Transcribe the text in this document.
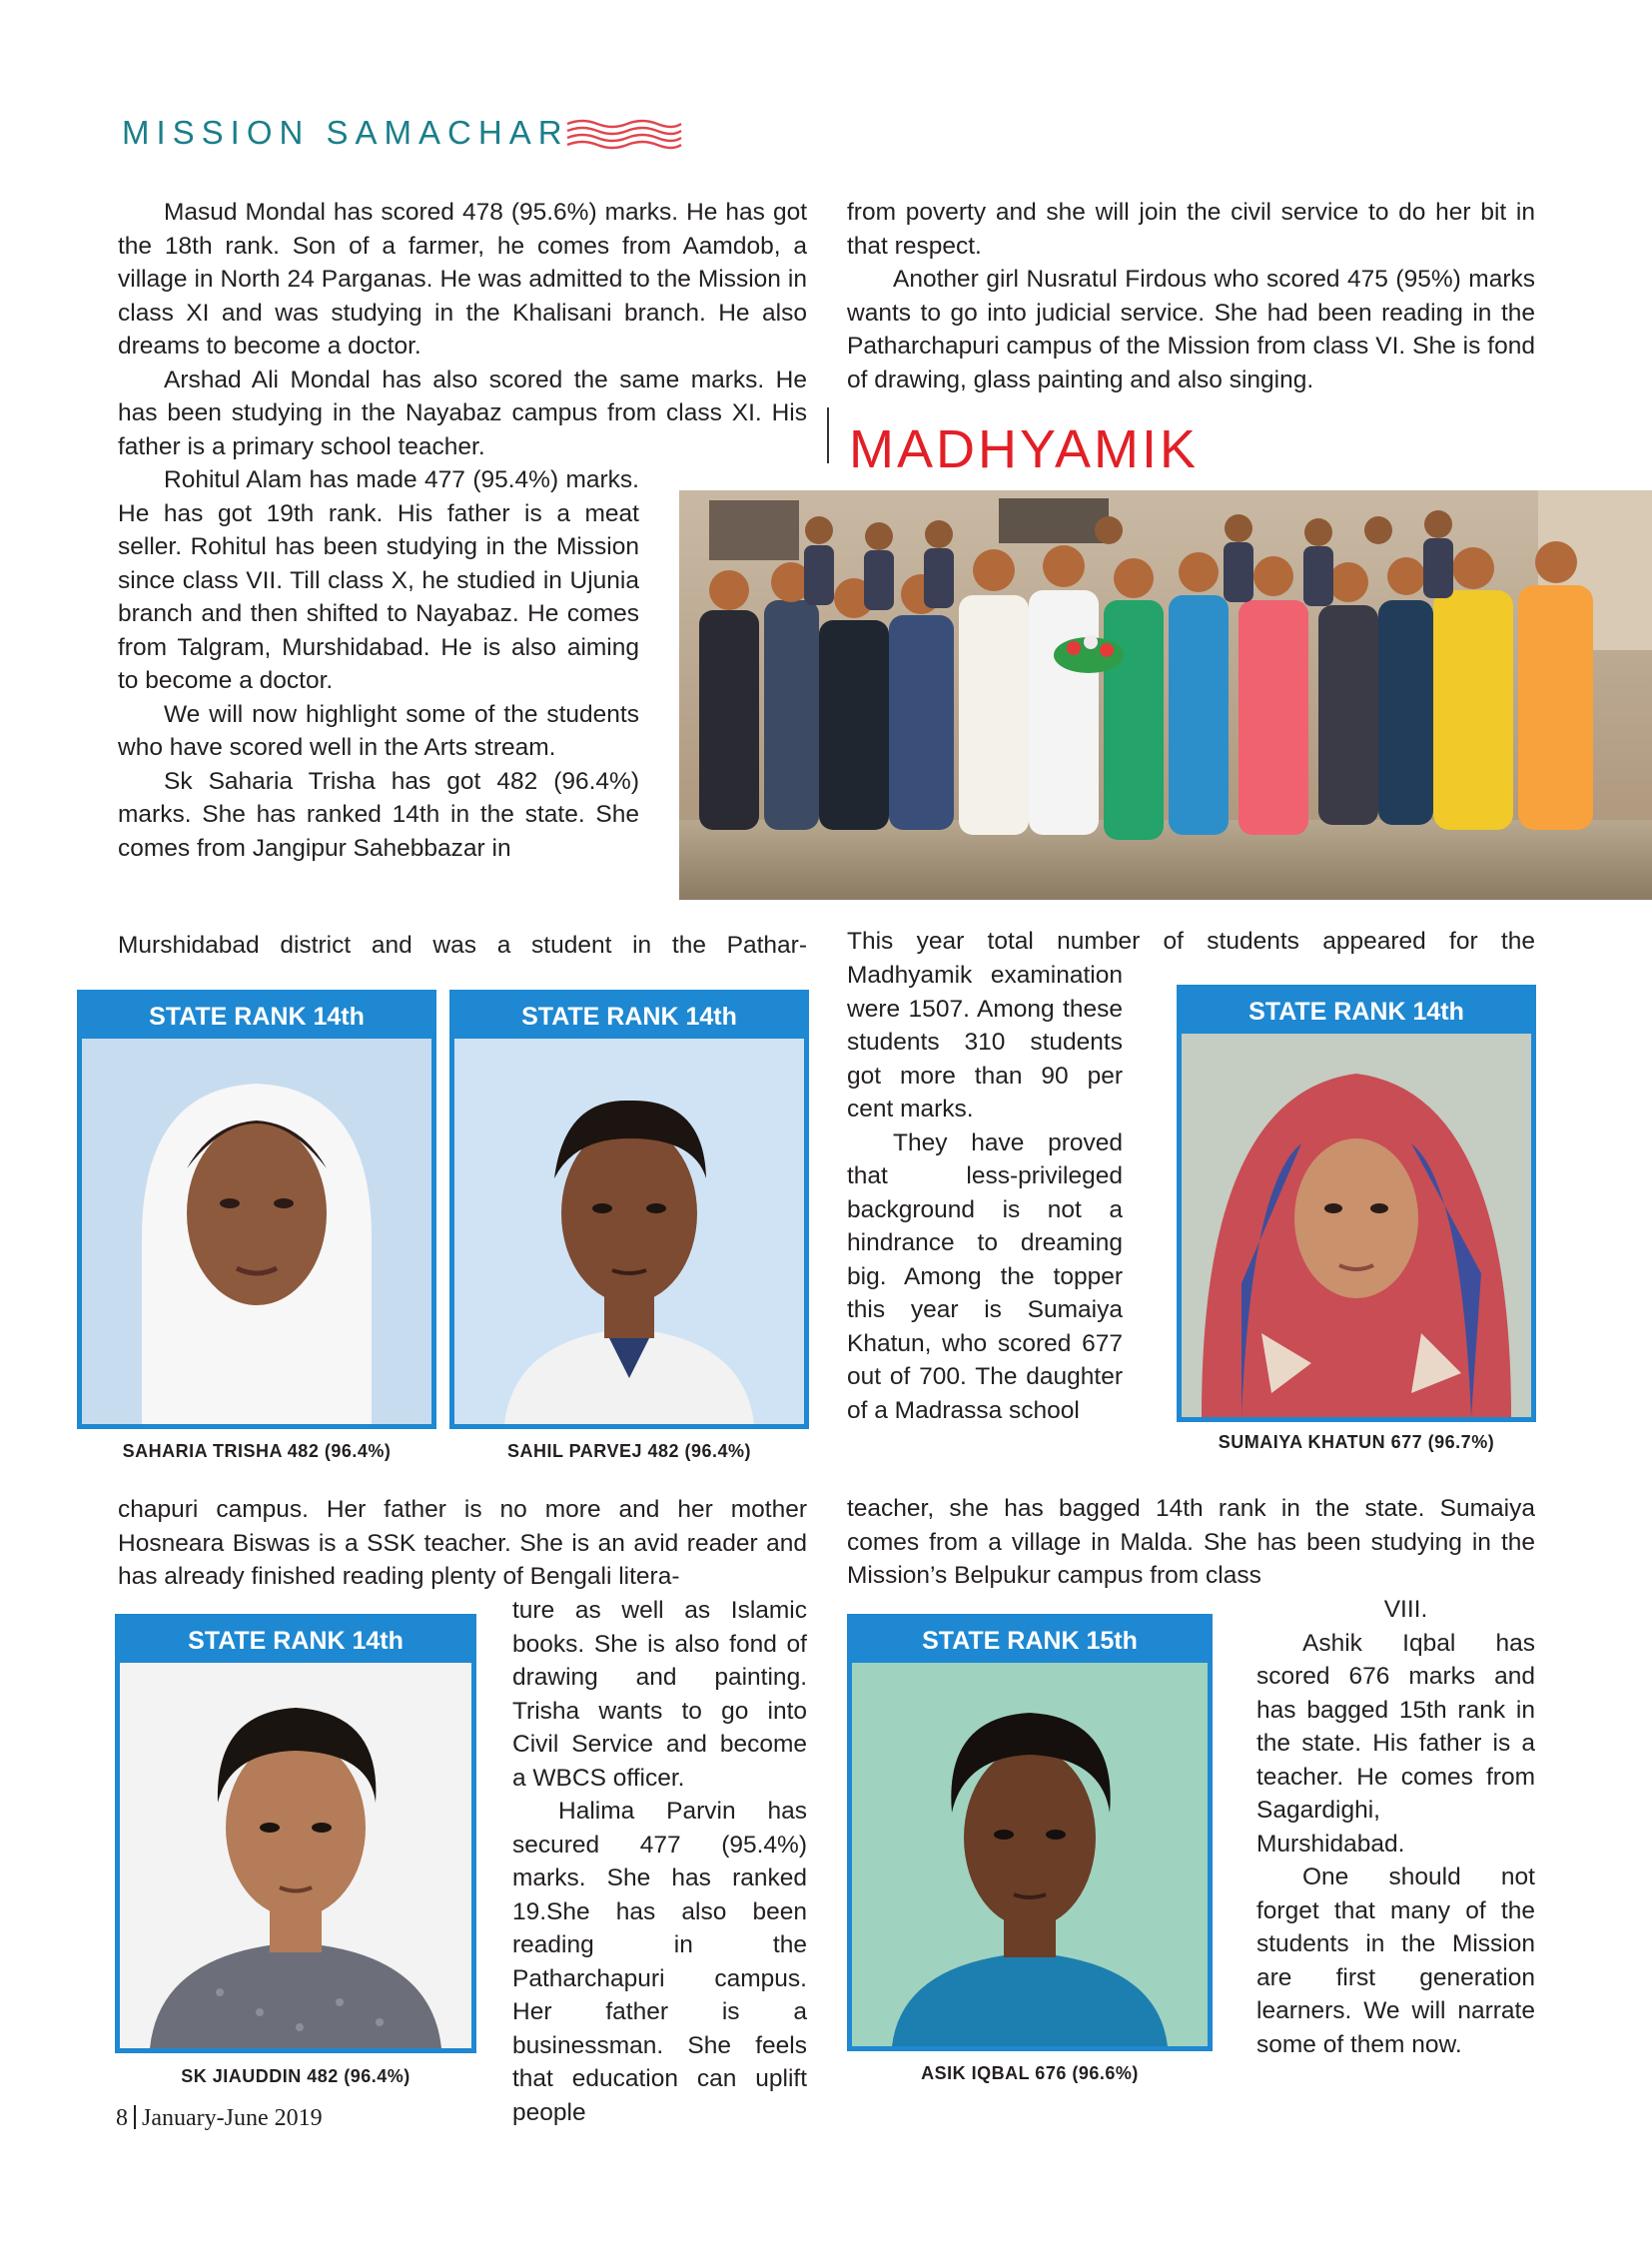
MISSION SAMACHAR

Masud Mondal has scored 478 (95.6%) marks. He has got the 18th rank. Son of a farmer, he comes from Aamdob, a village in North 24 Parganas. He was admitted to the Mission in class XI and was studying in the Khalisani branch. He also dreams to become a doctor.

Arshad Ali Mondal has also scored the same marks. He has been studying in the Nayabaz campus from class XI. His father is a primary school teacher.

Rohitul Alam has made 477 (95.4%) marks. He has got 19th rank. His father is a meat seller. Rohitul has been studying in the Mission since class VII. Till class X, he studied in Ujunia branch and then shifted to Nayabaz. He comes from Talgram, Murshidabad. He is also aiming to become a doctor.

We will now highlight some of the students who have scored well in the Arts stream.

Sk Saharia Trisha has got 482 (96.4%) marks. She has ranked 14th in the state. She comes from Jangipur Sahebbazar in

Murshidabad district and was a student in the Pathar-

from poverty and she will join the civil service to do her bit in that respect.

Another girl Nusratul Firdous who scored 475 (95%) marks wants to go into judicial service. She had been reading in the Patharchapuri campus of the Mission from class VI. She is fond of drawing, glass painting and also singing.

MADHYAMIK

This year total number of students appeared for the

Madhyamik examination were 1507. Among these students 310 students got more than 90 per cent marks.

They have proved that less-privileged background is not a hindrance to dreaming big. Among the topper this year is Sumaiya Khatun, who scored 677 out of 700. The daughter of a Madrassa school

STATE RANK 14th
SAHARIA TRISHA 482 (96.4%)
STATE RANK 14th
SAHIL PARVEJ 482 (96.4%)
STATE RANK 14th
SUMAIYA KHATUN 677 (96.7%)

chapuri campus. Her father is no more and her mother Hosneara Biswas is a SSK teacher. She is an avid reader and has already finished reading plenty of Bengali litera-

ture as well as Islamic books. She is also fond of drawing and painting. Trisha wants to go into Civil Service and become a WBCS officer.

Halima Parvin has secured 477 (95.4%) marks. She has ranked 19.She has also been reading in the Patharchapuri campus. Her father is a businessman. She feels that education can uplift people

teacher, she has bagged 14th rank in the state. Sumaiya comes from a village in Malda. She has been studying in the Mission’s Belpukur campus from class

VIII.

Ashik Iqbal has scored 676 marks and has bagged 15th rank in the state. His father is a teacher. He comes from Sagardighi, Murshidabad.

One should not forget that many of the students in the Mission are first generation learners. We will narrate some of them now.

STATE RANK 14th
SK JIAUDDIN 482 (96.4%)
STATE RANK 15th
ASIK IQBAL 676 (96.6%)
8 January-June 2019
